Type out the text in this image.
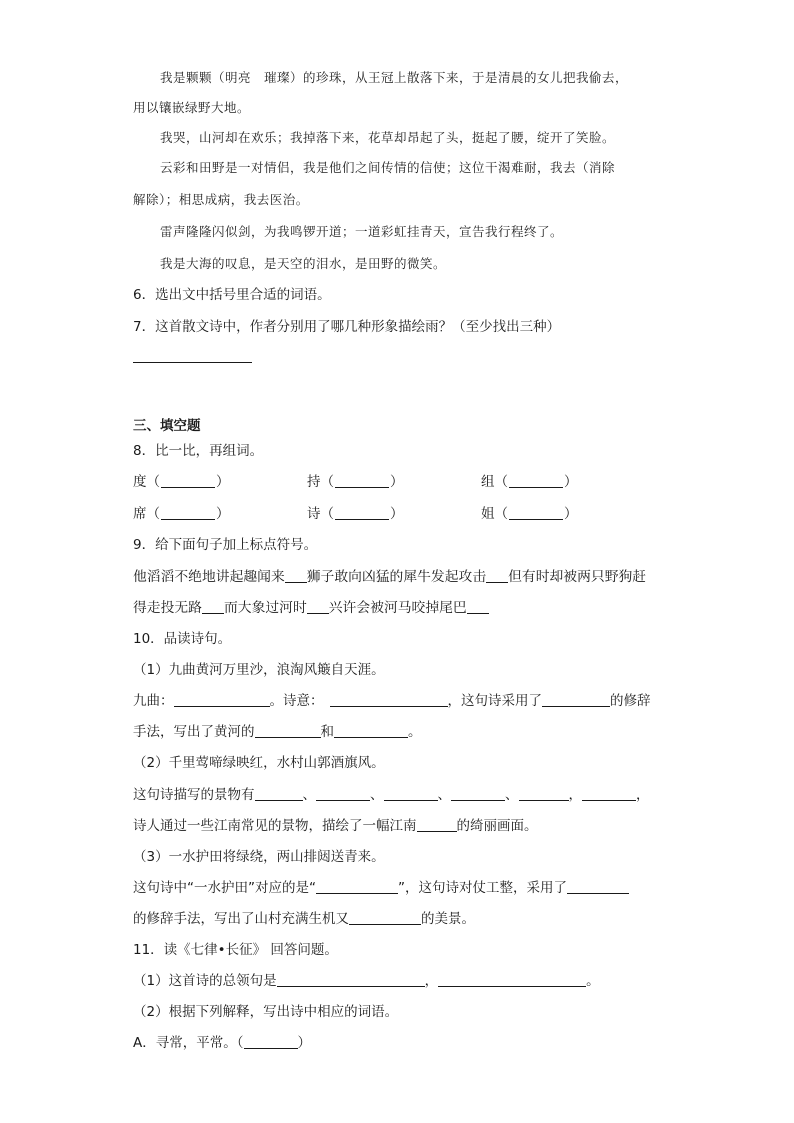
我是颗颗（明亮　璀璨）的珍珠，从王冠上散落下来，于是清晨的女儿把我偷去，
用以镶嵌绿野大地。
我哭，山河却在欢乐；我掉落下来，花草却昂起了头，挺起了腰，绽开了笑脸。
云彩和田野是一对情侣，我是他们之间传情的信使；这位干渴难耐，我去（消除
解除）；相思成病，我去医治。
雷声隆隆闪似剑，为我鸣锣开道；一道彩虹挂青天，宣告我行程终了。
我是大海的叹息，是天空的泪水，是田野的微笑。
6．选出文中括号里合适的词语。
7．这首散文诗中，作者分别用了哪几种形象描绘雨？（至少找出三种）
三、填空题
8．比一比，再组词。
度（	）	持（	）	组（	）
席（	）	诗（	）	姐（	）
9．给下面句子加上标点符号。
他滔滔不绝地讲起趣闻来 狮子敢向凶猛的犀牛发起攻击 但有时却被两只野狗赶
得走投无路 而大象过河时 兴许会被河马咬掉尾巴
10．品读诗句。
（1）九曲黄河万里沙，浪淘风簸自天涯。
九曲：	。诗意：	，这句诗采用了	的修辞
手法，写出了黄河的	和	。
（2）千里莺啼绿映红，水村山郭酒旗风。
这句诗描写的景物有	、	、	、	、	，	，
诗人通过一些江南常见的景物，描绘了一幅江南	的绮丽画面。
（3）一水护田将绿绕，两山排闼送青来。
这句诗中“一水护田”对应的是“	”，这句诗对仗工整，采用了
的修辞手法，写出了山村充满生机又	的美景。
11．读《七律•长征》 回答问题。
（1）这首诗的总领句是	，	。
（2）根据下列解释，写出诗中相应的词语。
A．寻常，平常。（	）
